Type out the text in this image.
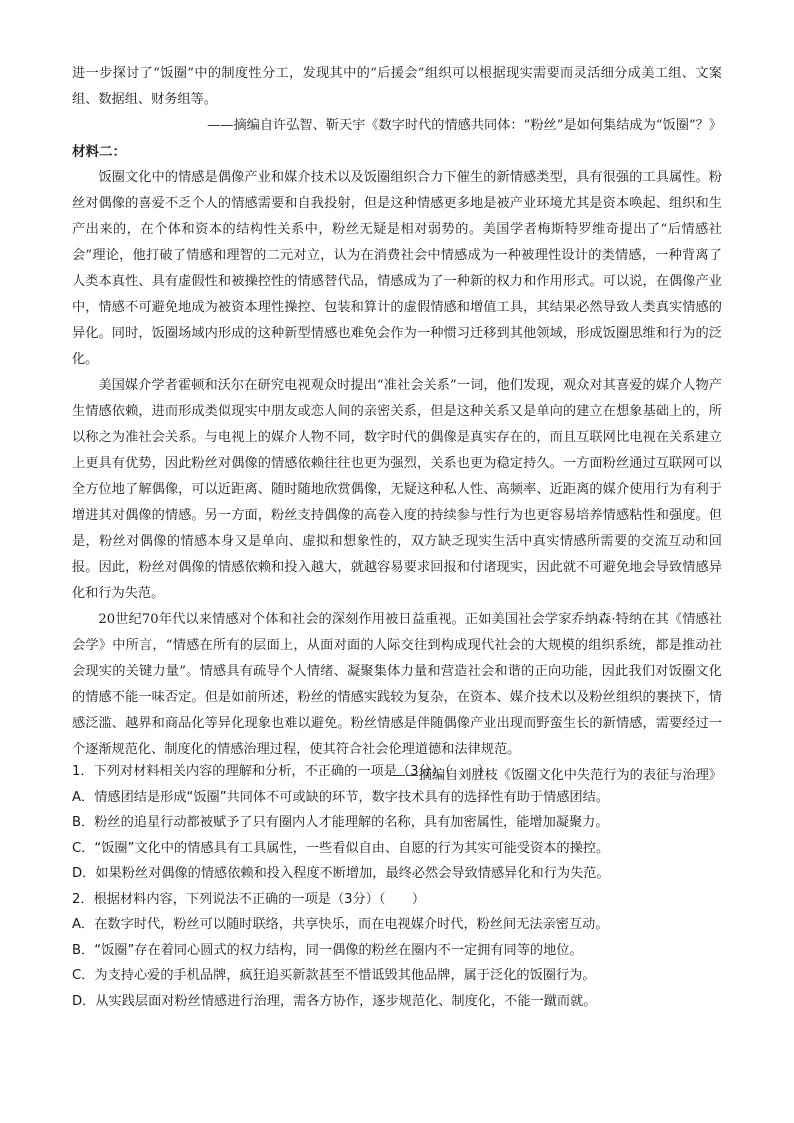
进一步探讨了“饭圈”中的制度性分工，发现其中的“后援会”组织可以根据现实需要而灵活细分成美工组、文案组、数据组、财务组等。

——摘编自许弘智、靳天宇《数字时代的情感共同体：“粉丝”是如何集结成为“饭圈”？》

材料二：

饭圈文化中的情感是偶像产业和媒介技术以及饭圈组织合力下催生的新情感类型，具有很强的工具属性。粉丝对偶像的喜爱不乏个人的情感需要和自我投射，但是这种情感更多地是被产业环境尤其是资本唤起、组织和生产出来的，在个体和资本的结构性关系中，粉丝无疑是相对弱势的。美国学者梅斯特罗维奇提出了“后情感社会”理论，他打破了情感和理智的二元对立，认为在消费社会中情感成为一种被理性设计的类情感，一种背离了人类本真性、具有虚假性和被操控性的情感替代品，情感成为了一种新的权力和作用形式。可以说，在偶像产业中，情感不可避免地成为被资本理性操控、包装和算计的虚假情感和增值工具，其结果必然导致人类真实情感的异化。同时，饭圈场域内形成的这种新型情感也难免会作为一种惯习迁移到其他领域，形成饭圈思维和行为的泛化。

美国媒介学者霍顿和沃尔在研究电视观众时提出“准社会关系”一词，他们发现，观众对其喜爱的媒介人物产生情感依赖，进而形成类似现实中朋友或恋人间的亲密关系，但是这种关系又是单向的建立在想象基础上的，所以称之为准社会关系。与电视上的媒介人物不同，数字时代的偶像是真实存在的，而且互联网比电视在关系建立上更具有优势，因此粉丝对偶像的情感依赖往往也更为强烈，关系也更为稳定持久。一方面粉丝通过互联网可以全方位地了解偶像，可以近距离、随时随地欣赏偶像，无疑这种私人性、高频率、近距离的媒介使用行为有利于增进其对偶像的情感。另一方面，粉丝支持偶像的高卷入度的持续参与性行为也更容易培养情感粘性和强度。但是，粉丝对偶像的情感本身又是单向、虚拟和想象性的，双方缺乏现实生活中真实情感所需要的交流互动和回报。因此，粉丝对偶像的情感依赖和投入越大，就越容易要求回报和付诸现实，因此就不可避免地会导致情感异化和行为失范。

20世纪70年代以来情感对个体和社会的深刻作用被日益重视。正如美国社会学家乔纳森·特纳在其《情感社会学》中所言，“情感在所有的层面上，从面对面的人际交往到构成现代社会的大规模的组织系统，都是推动社会现实的关键力量”。情感具有疏导个人情绪、凝聚集体力量和营造社会和谐的正向功能，因此我们对饭圈文化的情感不能一味否定。但是如前所述，粉丝的情感实践较为复杂，在资本、媒介技术以及粉丝组织的裹挟下，情感泛滥、越界和商品化等异化现象也难以避免。粉丝情感是伴随偶像产业出现而野蛮生长的新情感，需要经过一个逐渐规范化、制度化的情感治理过程，使其符合社会伦理道德和法律规范。

——摘编自刘胜枝《饭圈文化中失范行为的表征与治理》

1．下列对材料相关内容的理解和分析，不正确的一项是（3分）（　　）
A．情感团结是形成“饭圈”共同体不可或缺的环节，数字技术具有的选择性有助于情感团结。
B．粉丝的追星行动都被赋予了只有圈内人才能理解的名称，具有加密属性，能增加凝聚力。
C．“饭圈”文化中的情感具有工具属性，一些看似自由、自愿的行为其实可能受资本的操控。
D．如果粉丝对偶像的情感依赖和投入程度不断增加，最终必然会导致情感异化和行为失范。
2．根据材料内容，下列说法不正确的一项是（3分）（　　）
A．在数字时代，粉丝可以随时联络，共享快乐，而在电视媒介时代，粉丝间无法亲密互动。
B．“饭圈”存在着同心圆式的权力结构，同一偶像的粉丝在圈内不一定拥有同等的地位。
C．为支持心爱的手机品牌，疯狂追买新款甚至不惜诋毁其他品牌，属于泛化的饭圈行为。
D．从实践层面对粉丝情感进行治理，需各方协作，逐步规范化、制度化，不能一蹴而就。
